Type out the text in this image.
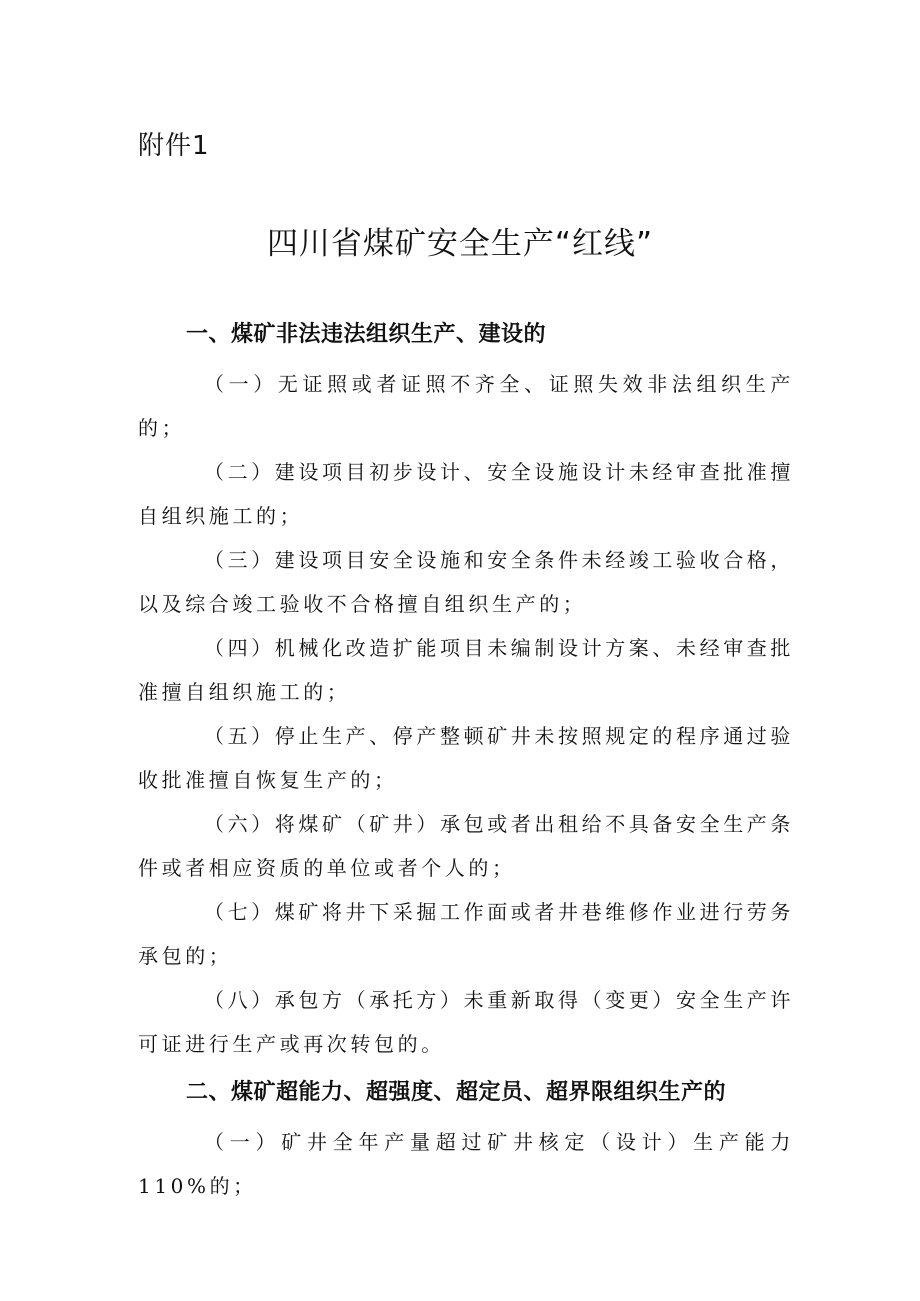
附件1
四川省煤矿安全生产“红线”
一、煤矿非法违法组织生产、建设的

（一）无证照或者证照不齐全、证照失效非法组织生产的；

（二）建设项目初步设计、安全设施设计未经审查批准擅自组织施工的；

（三）建设项目安全设施和安全条件未经竣工验收合格，以及综合竣工验收不合格擅自组织生产的；

（四）机械化改造扩能项目未编制设计方案、未经审查批准擅自组织施工的；

（五）停止生产、停产整顿矿井未按照规定的程序通过验收批准擅自恢复生产的；

（六）将煤矿（矿井）承包或者出租给不具备安全生产条件或者相应资质的单位或者个人的；

（七）煤矿将井下采掘工作面或者井巷维修作业进行劳务承包的；

（八）承包方（承托方）未重新取得（变更）安全生产许可证进行生产或再次转包的。

二、煤矿超能力、超强度、超定员、超界限组织生产的

（一）矿井全年产量超过矿井核定（设计）生产能力110%的；
